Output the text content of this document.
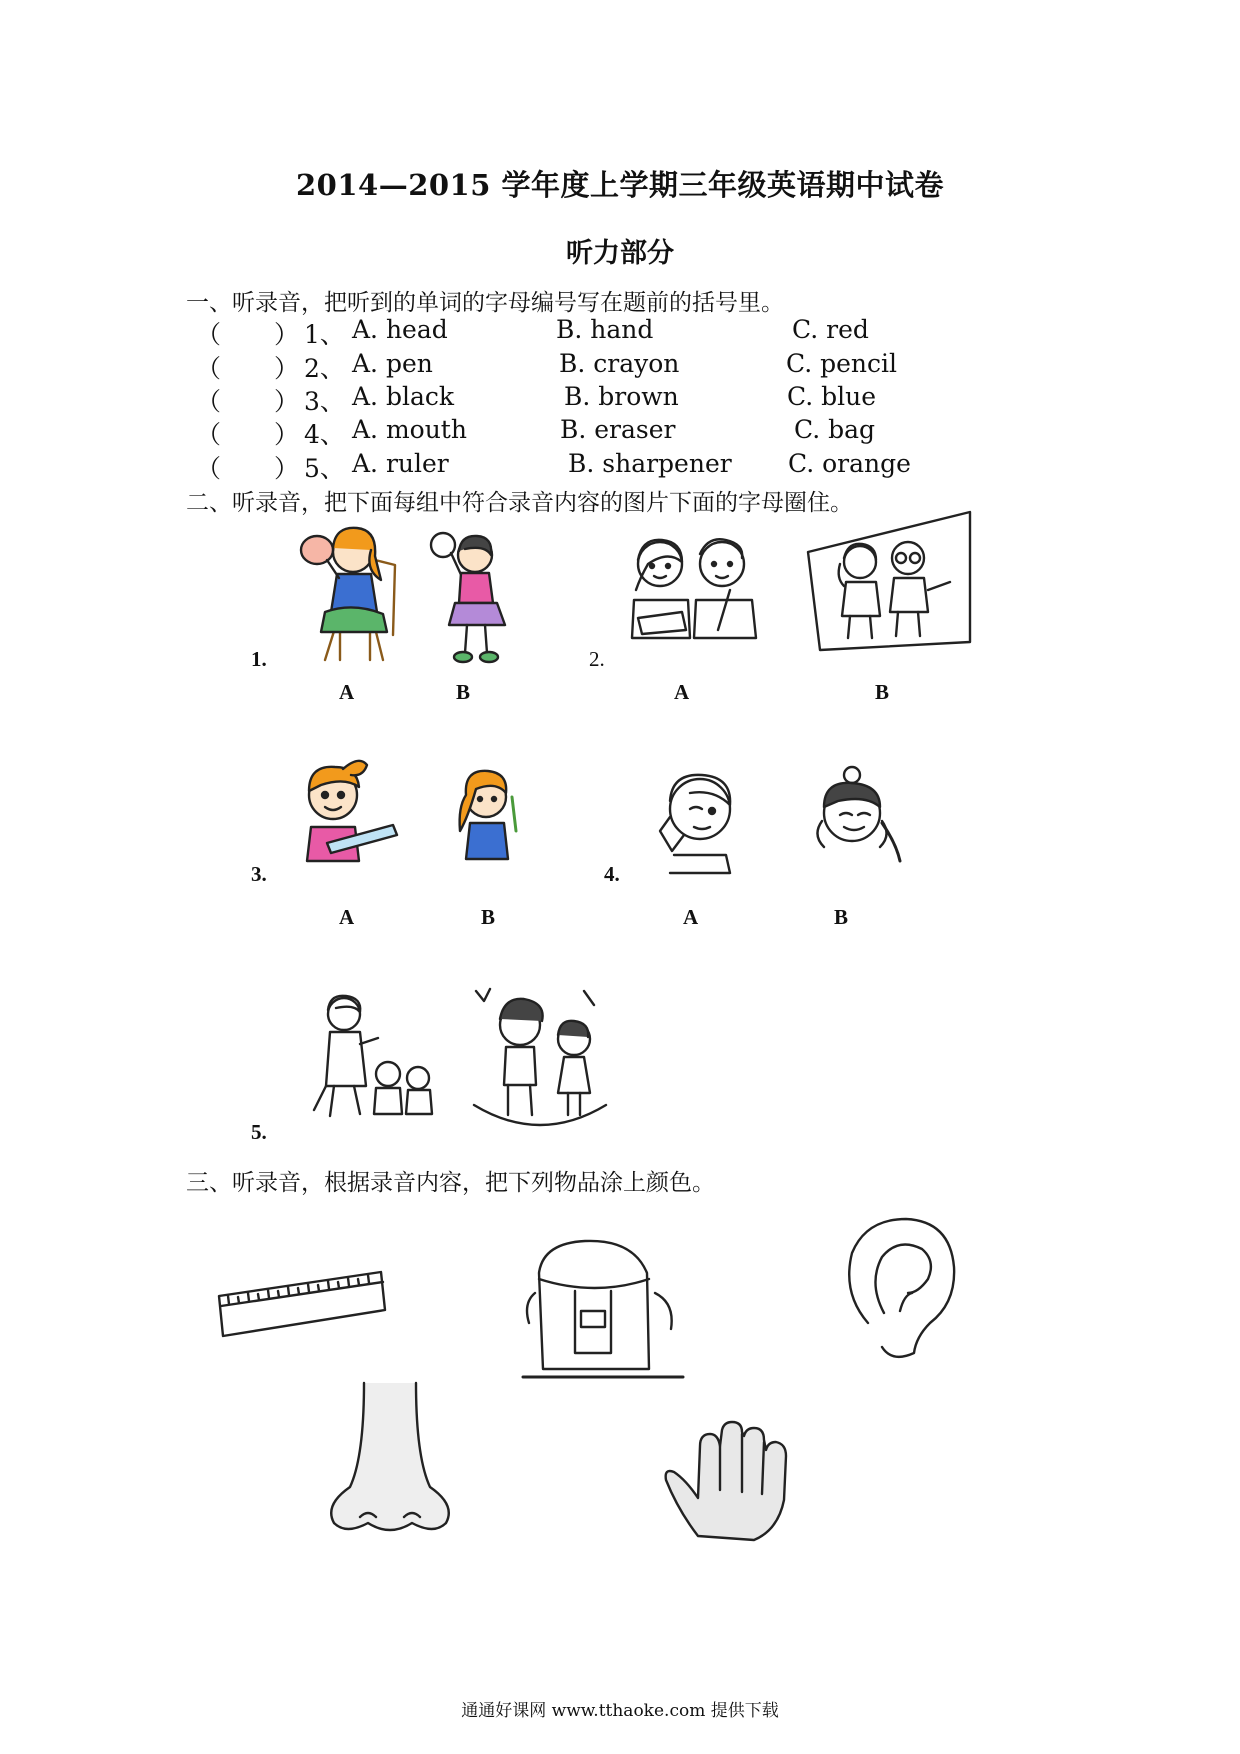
2014—2015 学年度上学期三年级英语期中试卷
听力部分
一、听录音，把听到的单词的字母编号写在题前的括号里。
（ ） 1、 A. head	B. hand	C. red
（ ） 2、 A. pen	B. crayon	C. pencil
（ ） 3、 A. black	B. brown	C. blue
（ ） 4、 A. mouth	B. eraser	C. bag
（ ） 5、 A. ruler	B. sharpener C. orange
二、听录音，把下面每组中符合录音内容的图片下面的字母圈住。
1.
A	B
2.
A	B
3.
A	B
4.
A	B
5.
三、听录音，根据录音内容，把下列物品涂上颜色。
通通好课网 www.tthaoke.com 提供下载
